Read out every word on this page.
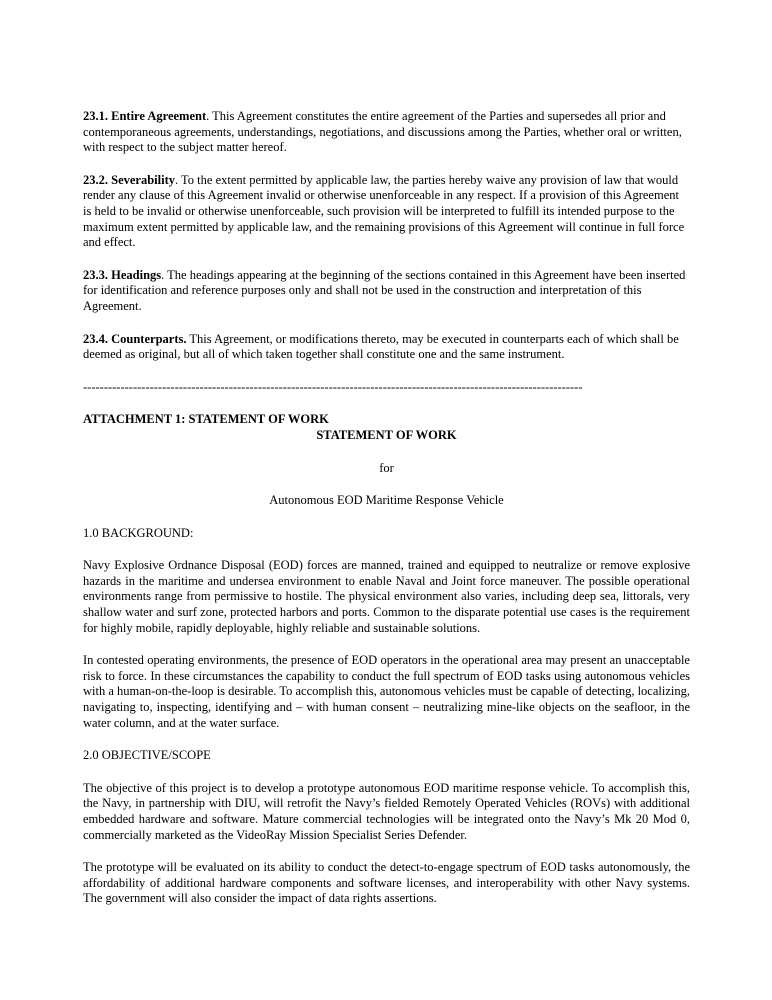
23.1. Entire Agreement. This Agreement constitutes the entire agreement of the Parties and supersedes all prior and contemporaneous agreements, understandings, negotiations, and discussions among the Parties, whether oral or written, with respect to the subject matter hereof.

23.2. Severability. To the extent permitted by applicable law, the parties hereby waive any provision of law that would render any clause of this Agreement invalid or otherwise unenforceable in any respect. If a provision of this Agreement is held to be invalid or otherwise unenforceable, such provision will be interpreted to fulfill its intended purpose to the maximum extent permitted by applicable law, and the remaining provisions of this Agreement will continue in full force and effect.

23.3. Headings. The headings appearing at the beginning of the sections contained in this Agreement have been inserted for identification and reference purposes only and shall not be used in the construction and interpretation of this Agreement.

23.4. Counterparts. This Agreement, or modifications thereto, may be executed in counterparts each of which shall be deemed as original, but all of which taken together shall constitute one and the same instrument.

------------------------------------------------------------------------------------------------------------------------

ATTACHMENT 1: STATEMENT OF WORK
STATEMENT OF WORK

for

Autonomous EOD Maritime Response Vehicle

1.0 BACKGROUND:

Navy Explosive Ordnance Disposal (EOD) forces are manned, trained and equipped to neutralize or remove explosive hazards in the maritime and undersea environment to enable Naval and Joint force maneuver. The possible operational environments range from permissive to hostile. The physical environment also varies, including deep sea, littorals, very shallow water and surf zone, protected harbors and ports. Common to the disparate potential use cases is the requirement for highly mobile, rapidly deployable, highly reliable and sustainable solutions.

In contested operating environments, the presence of EOD operators in the operational area may present an unacceptable risk to force. In these circumstances the capability to conduct the full spectrum of EOD tasks using autonomous vehicles with a human-on-the-loop is desirable. To accomplish this, autonomous vehicles must be capable of detecting, localizing, navigating to, inspecting, identifying and – with human consent – neutralizing mine-like objects on the seafloor, in the water column, and at the water surface.

2.0 OBJECTIVE/SCOPE

The objective of this project is to develop a prototype autonomous EOD maritime response vehicle. To accomplish this, the Navy, in partnership with DIU, will retrofit the Navy’s fielded Remotely Operated Vehicles (ROVs) with additional embedded hardware and software. Mature commercial technologies will be integrated onto the Navy’s Mk 20 Mod 0, commercially marketed as the VideoRay Mission Specialist Series Defender.

The prototype will be evaluated on its ability to conduct the detect-to-engage spectrum of EOD tasks autonomously, the affordability of additional hardware components and software licenses, and interoperability with other Navy systems. The government will also consider the impact of data rights assertions.
